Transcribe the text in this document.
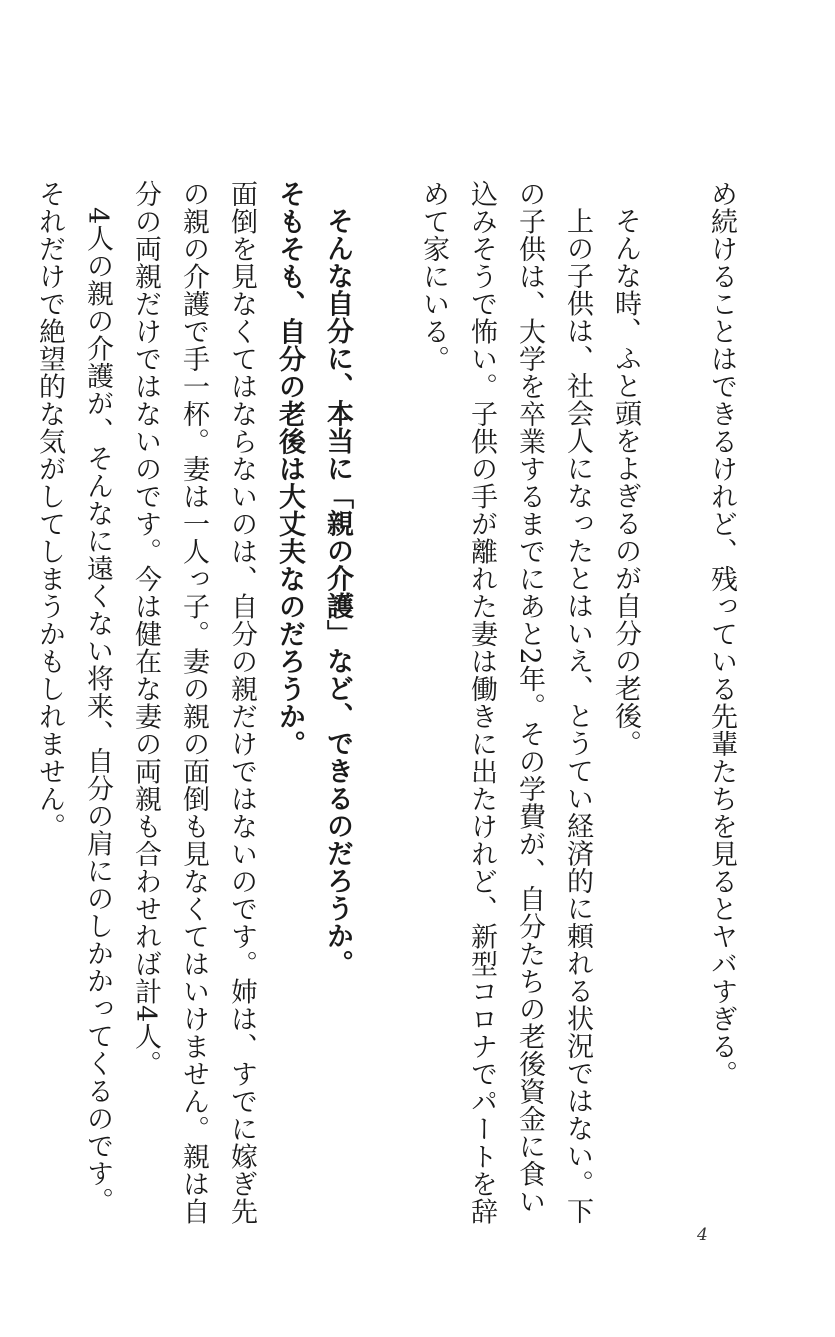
め続けることはできるけれど、残っている先輩たちを見るとヤバすぎる。
そんな時、ふと頭をよぎるのが自分の老後。
上の子供は、社会人になったとはいえ、とうてい経済的に頼れる状況ではない。下の子供は、大学を卒業するまでにあと2年。その学費が、自分たちの老後資金に食い込みそうで怖い。子供の手が離れた妻は働きに出たけれど、新型コロナでパートを辞めて家にいる。
そんな自分に、本当に「親の介護」など、できるのだろうか。
そもそも、自分の老後は大丈夫なのだろうか。
面倒を見なくてはならないのは、自分の親だけではないのです。姉は、すでに嫁ぎ先の親の介護で手一杯。妻は一人っ子。妻の親の面倒も見なくてはいけません。親は自分の両親だけではないのです。今は健在な妻の両親も合わせれば計4人。
4人の親の介護が、そんなに遠くない将来、自分の肩にのしかかってくるのです。それだけで絶望的な気がしてしまうかもしれません。
4
